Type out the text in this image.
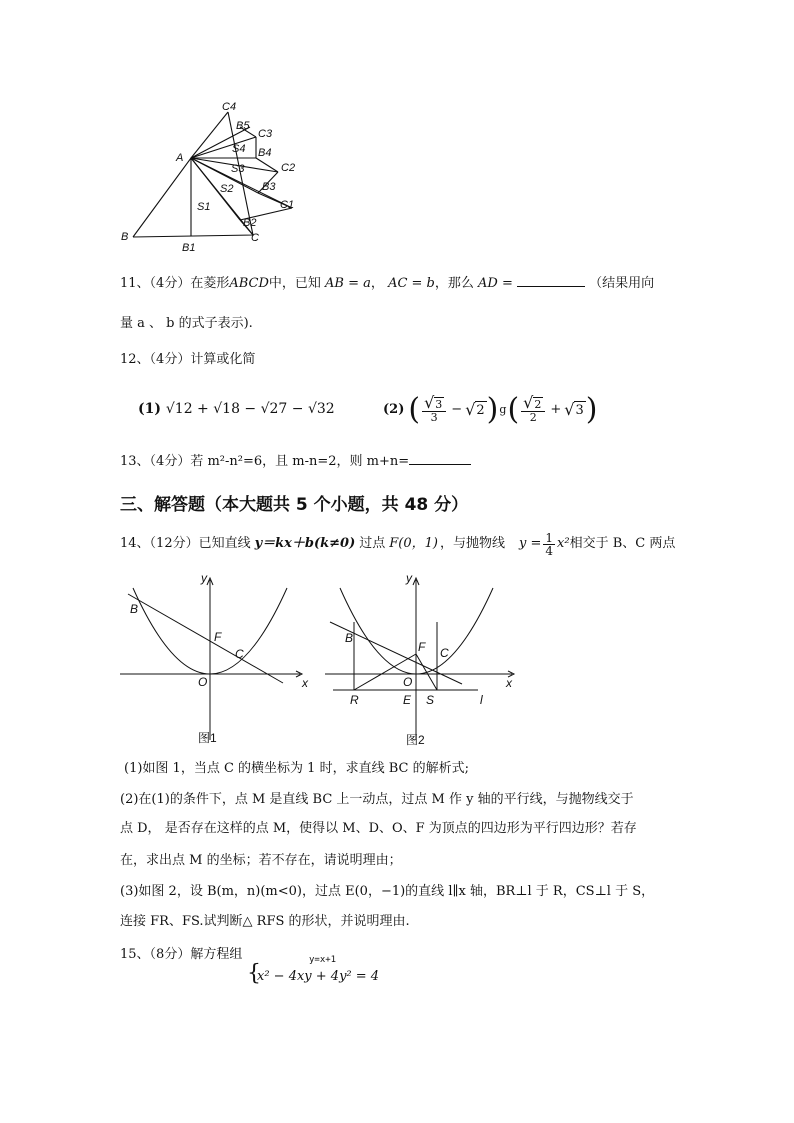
C4
B5
C3
A
S4 B4
C2
S3
B3
S2
C1
S1
B2
B	C
B1
11、（4分）在菱形ABCD中，已知 AB = a， AC = b，那么 AD =	（结果用向
量 a 、 b 的式子表示).
12、（4分）计算或化简
(1) √12 + √18 − √27 − √32	(2) ( $\frac{√3}{3}$ − √ 2 ) g ( $\frac{√2}{2}$ + √ 3 )
13、（4分）若 m²-n²=6，且 m-n=2，则 m+n=
三、解答题（本大题共 5 个小题，共 48 分）
14、（12分）已知直线 y＝kx＋b(k≠0) 过点 F(0，1) ，与抛物线 $y = \frac{1}{4} x^2$ 相交于 B、C 两点
y
x
O
B
F
C
图1
y
x
O
B
F C
E
R	S	l
图2
(1)如图 1，当点 C 的横坐标为 1 时，求直线 BC 的解析式;
(2)在(1)的条件下，点 M 是直线 BC 上一动点，过点 M 作 y 轴的平行线，与抛物线交于
点 D， 是否存在这样的点 M，使得以 M、D、O、F 为顶点的四边形为平行四边形？若存
在，求出点 M 的坐标；若不存在，请说明理由；
(3)如图 2，设 B(m，n)(m<0)，过点 E(0，−1)的直线 l∥x 轴，BR⊥l 于 R，CS⊥l 于 S，
连接 FR、FS.试判断△ RFS 的形状，并说明理由.
15、（8分）解方程组
{
y=x+1
x² − 4xy + 4y² = 4
